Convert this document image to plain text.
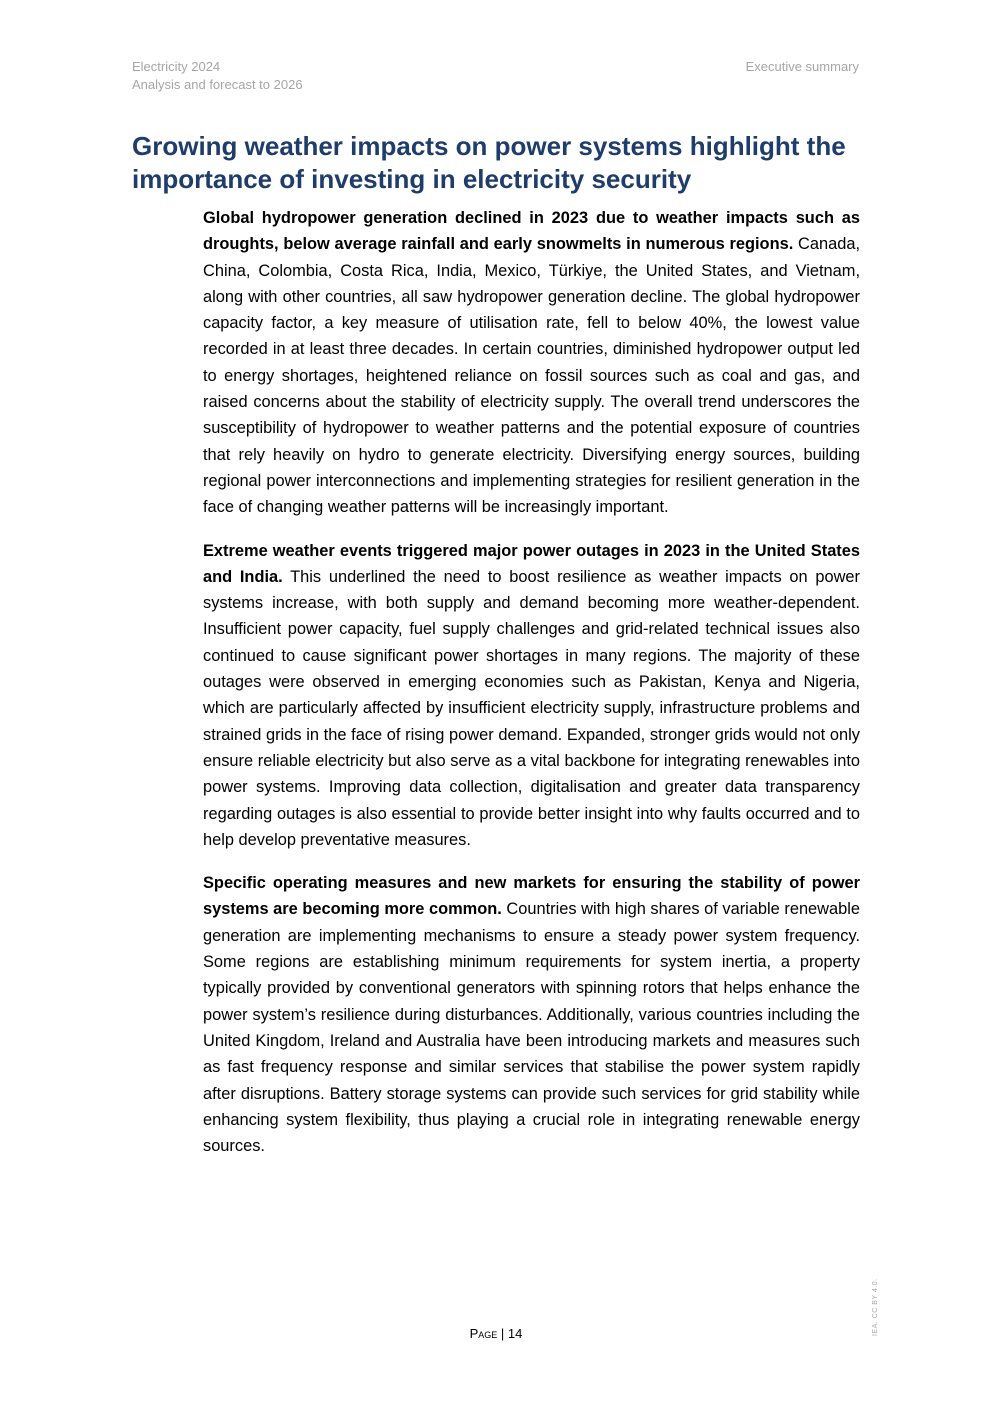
Electricity 2024
Analysis and forecast to 2026
Executive summary
Growing weather impacts on power systems highlight the importance of investing in electricity security

Global hydropower generation declined in 2023 due to weather impacts such as droughts, below average rainfall and early snowmelts in numerous regions. Canada, China, Colombia, Costa Rica, India, Mexico, Türkiye, the United States, and Vietnam, along with other countries, all saw hydropower generation decline. The global hydropower capacity factor, a key measure of utilisation rate, fell to below 40%, the lowest value recorded in at least three decades. In certain countries, diminished hydropower output led to energy shortages, heightened reliance on fossil sources such as coal and gas, and raised concerns about the stability of electricity supply. The overall trend underscores the susceptibility of hydropower to weather patterns and the potential exposure of countries that rely heavily on hydro to generate electricity. Diversifying energy sources, building regional power interconnections and implementing strategies for resilient generation in the face of changing weather patterns will be increasingly important.

Extreme weather events triggered major power outages in 2023 in the United States and India. This underlined the need to boost resilience as weather impacts on power systems increase, with both supply and demand becoming more weather-dependent. Insufficient power capacity, fuel supply challenges and grid-related technical issues also continued to cause significant power shortages in many regions. The majority of these outages were observed in emerging economies such as Pakistan, Kenya and Nigeria, which are particularly affected by insufficient electricity supply, infrastructure problems and strained grids in the face of rising power demand. Expanded, stronger grids would not only ensure reliable electricity but also serve as a vital backbone for integrating renewables into power systems. Improving data collection, digitalisation and greater data transparency regarding outages is also essential to provide better insight into why faults occurred and to help develop preventative measures.

Specific operating measures and new markets for ensuring the stability of power systems are becoming more common. Countries with high shares of variable renewable generation are implementing mechanisms to ensure a steady power system frequency. Some regions are establishing minimum requirements for system inertia, a property typically provided by conventional generators with spinning rotors that helps enhance the power system’s resilience during disturbances. Additionally, various countries including the United Kingdom, Ireland and Australia have been introducing markets and measures such as fast frequency response and similar services that stabilise the power system rapidly after disruptions. Battery storage systems can provide such services for grid stability while enhancing system flexibility, thus playing a crucial role in integrating renewable energy sources.

Page | 14	IEA. CC BY 4.0.
